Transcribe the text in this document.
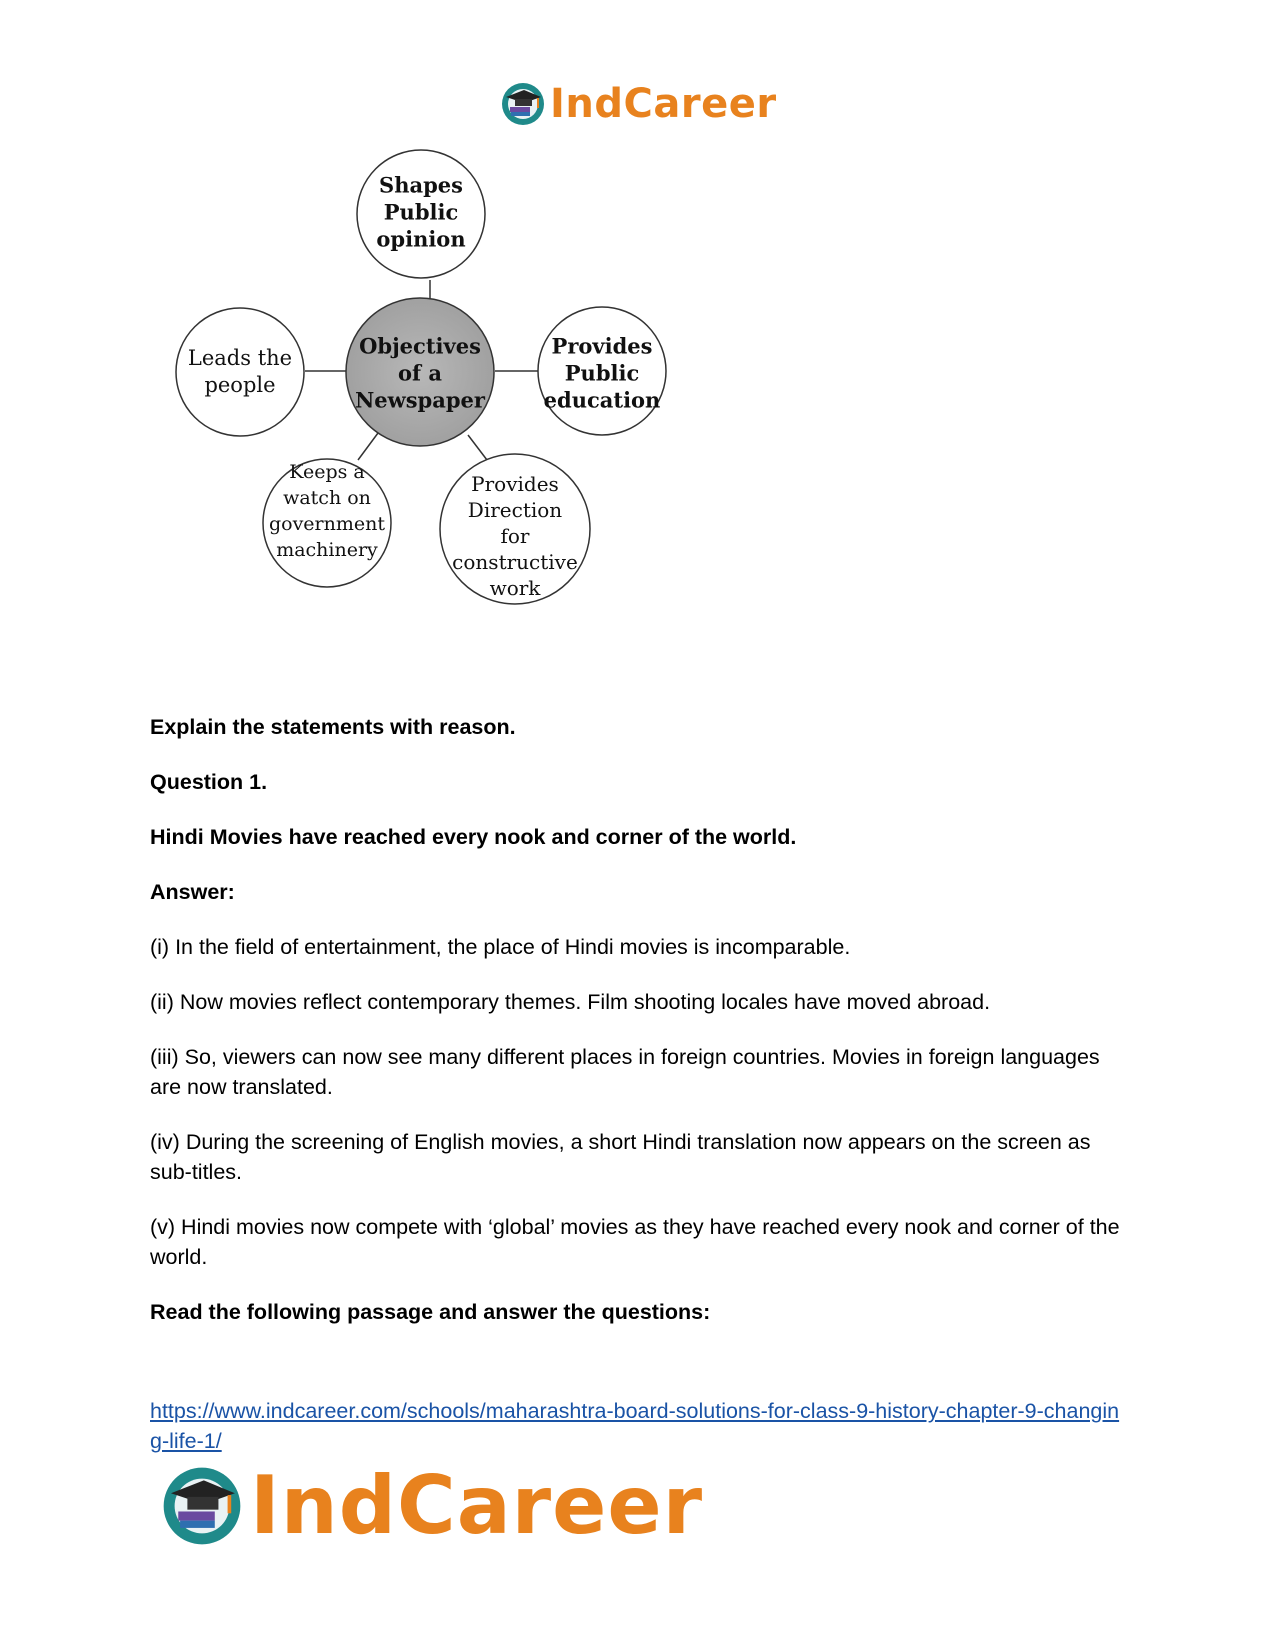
IndCareer
Objectives
of a
Newspaper
Shapes
Public
opinion
Provides
Public
education
Provides
Direction
for
constructive
work
Keeps a
watch on
government
machinery
Leads the
people

Explain the statements with reason.

Question 1.

Hindi Movies have reached every nook and corner of the world.

Answer:

(i) In the field of entertainment, the place of Hindi movies is incomparable.

(ii) Now movies reflect contemporary themes. Film shooting locales have moved abroad.

(iii) So, viewers can now see many different places in foreign countries. Movies in foreign languages are now translated.

(iv) During the screening of English movies, a short Hindi translation now appears on the screen as sub-titles.

(v) Hindi movies now compete with ‘global’ movies as they have reached every nook and corner of the world.

Read the following passage and answer the questions:

https://www.indcareer.com/schools/maharashtra-board-solutions-for-class-9-history-chapter-9-changing-life-1/
IndCareer
